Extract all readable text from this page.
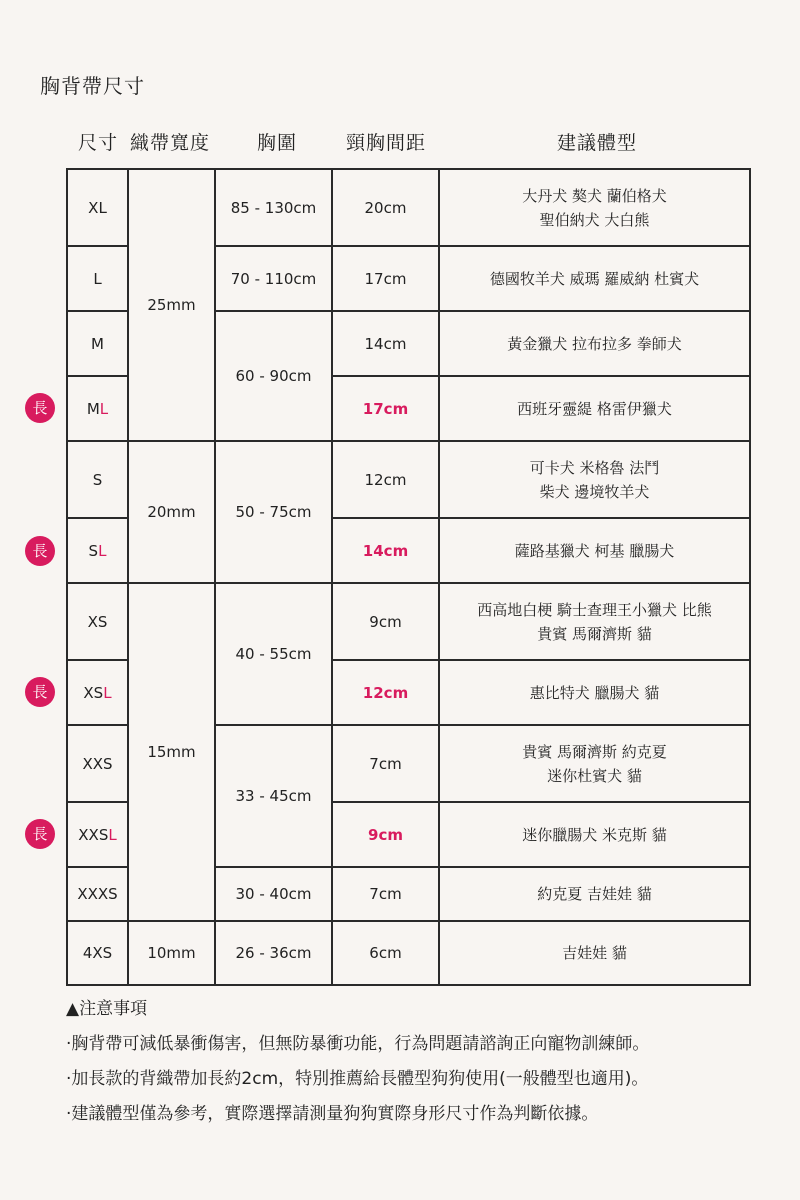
胸背帶尺寸
尺寸 織帶寬度 胸圍	頸胸間距	建議體型
XL	25mm	85 - 130cm	20cm	大丹犬 獒犬 蘭伯格犬
聖伯納犬 大白熊

L		70 - 110cm	17cm	德國牧羊犬 威瑪 羅威納 杜賓犬
M		60 - 90cm	14cm	黃金獵犬 拉布拉多 拳師犬
ML			17cm	西班牙靈緹 格雷伊獵犬
S	20mm	50 - 75cm	12cm	可卡犬 米格魯 法鬥
柴犬 邊境牧羊犬

SL			14cm	薩路基獵犬 柯基 臘腸犬
XS	15mm	40 - 55cm	9cm	西高地白梗 騎士查理王小獵犬 比熊
貴賓 馬爾濟斯 貓

XSL			12cm	惠比特犬 臘腸犬 貓
XXS		33 - 45cm	7cm	貴賓 馬爾濟斯 約克夏
迷你杜賓犬 貓

XXSL			9cm	迷你臘腸犬 米克斯 貓
XXXS		30 - 40cm	7cm	約克夏 吉娃娃 貓
4XS	10mm	26 - 36cm	6cm	吉娃娃 貓
長
長
長
長
▲注意事項
‧胸背帶可減低暴衝傷害，但無防暴衝功能，行為問題請諮詢正向寵物訓練師。
‧加長款的背織帶加長約2cm，特別推薦給長體型狗狗使用(一般體型也適用)。
‧建議體型僅為參考，實際選擇請測量狗狗實際身形尺寸作為判斷依據。
